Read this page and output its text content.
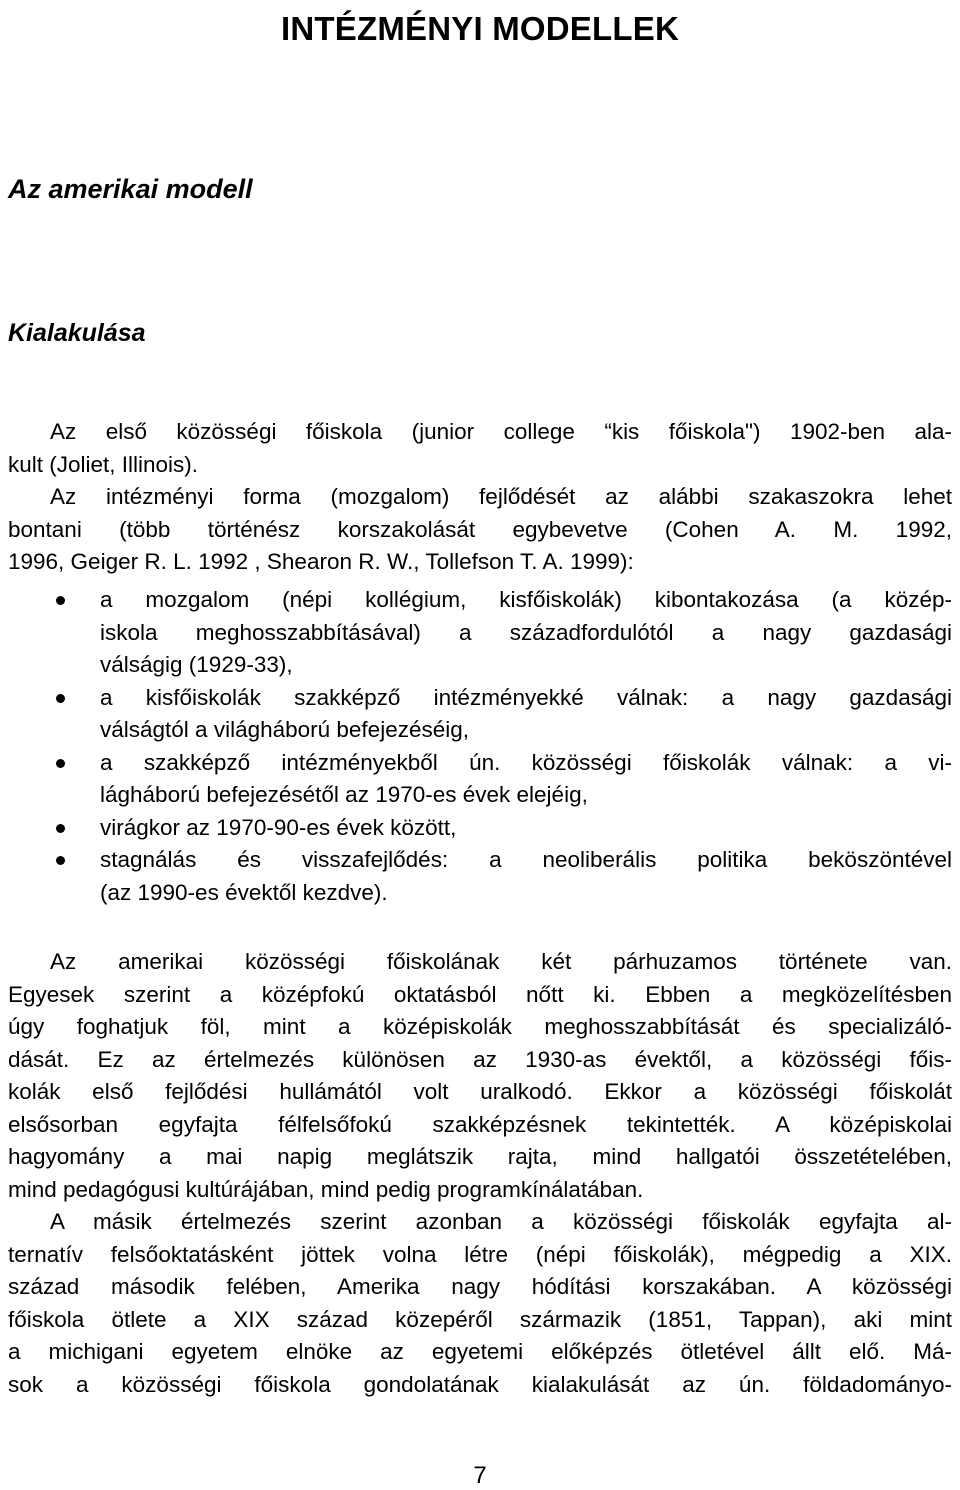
INTÉZMÉNYI MODELLEK
Az amerikai modell
Kialakulása
Az első közösségi főiskola (junior college “kis főiskola") 1902-ben ala-
kult (Joliet, Illinois).
Az intézményi forma (mozgalom) fejlődését az alábbi szakaszokra lehet
bontani (több történész korszakolását egybevetve (Cohen A. M. 1992,
1996, Geiger R. L. 1992 , Shearon R. W., Tollefson T. A. 1999):
a mozgalom (népi kollégium, kisfőiskolák) kibontakozása (a közép-
iskola meghosszabbításával) a századfordulótól a nagy gazdasági
válságig (1929-33),
a kisfőiskolák szakképző intézményekké válnak: a nagy gazdasági
válságtól a világháború befejezéséig,
a szakképző intézményekből ún. közösségi főiskolák válnak: a vi-
lágháború befejezésétől az 1970-es évek elejéig,
virágkor az 1970-90-es évek között,
stagnálás és visszafejlődés: a neoliberális politika beköszöntével
(az 1990-es évektől kezdve).
Az amerikai közösségi főiskolának két párhuzamos története van.
Egyesek szerint a középfokú oktatásból nőtt ki. Ebben a megközelítésben
úgy foghatjuk föl, mint a középiskolák meghosszabbítását és specializáló-
dását. Ez az értelmezés különösen az 1930-as évektől, a közösségi főis-
kolák első fejlődési hullámától volt uralkodó. Ekkor a közösségi főiskolát
elsősorban egyfajta félfelsőfokú szakképzésnek tekintették. A középiskolai
hagyomány a mai napig meglátszik rajta, mind hallgatói összetételében,
mind pedagógusi kultúrájában, mind pedig programkínálatában.
A másik értelmezés szerint azonban a közösségi főiskolák egyfajta al-
ternatív felsőoktatásként jöttek volna létre (népi főiskolák), mégpedig a XIX.
század második felében, Amerika nagy hódítási korszakában. A közösségi
főiskola ötlete a XIX század közepéről származik (1851, Tappan), aki mint
a michigani egyetem elnöke az egyetemi előképzés ötletével állt elő. Má-
sok a közösségi főiskola gondolatának kialakulását az ún. földadományo-
7
